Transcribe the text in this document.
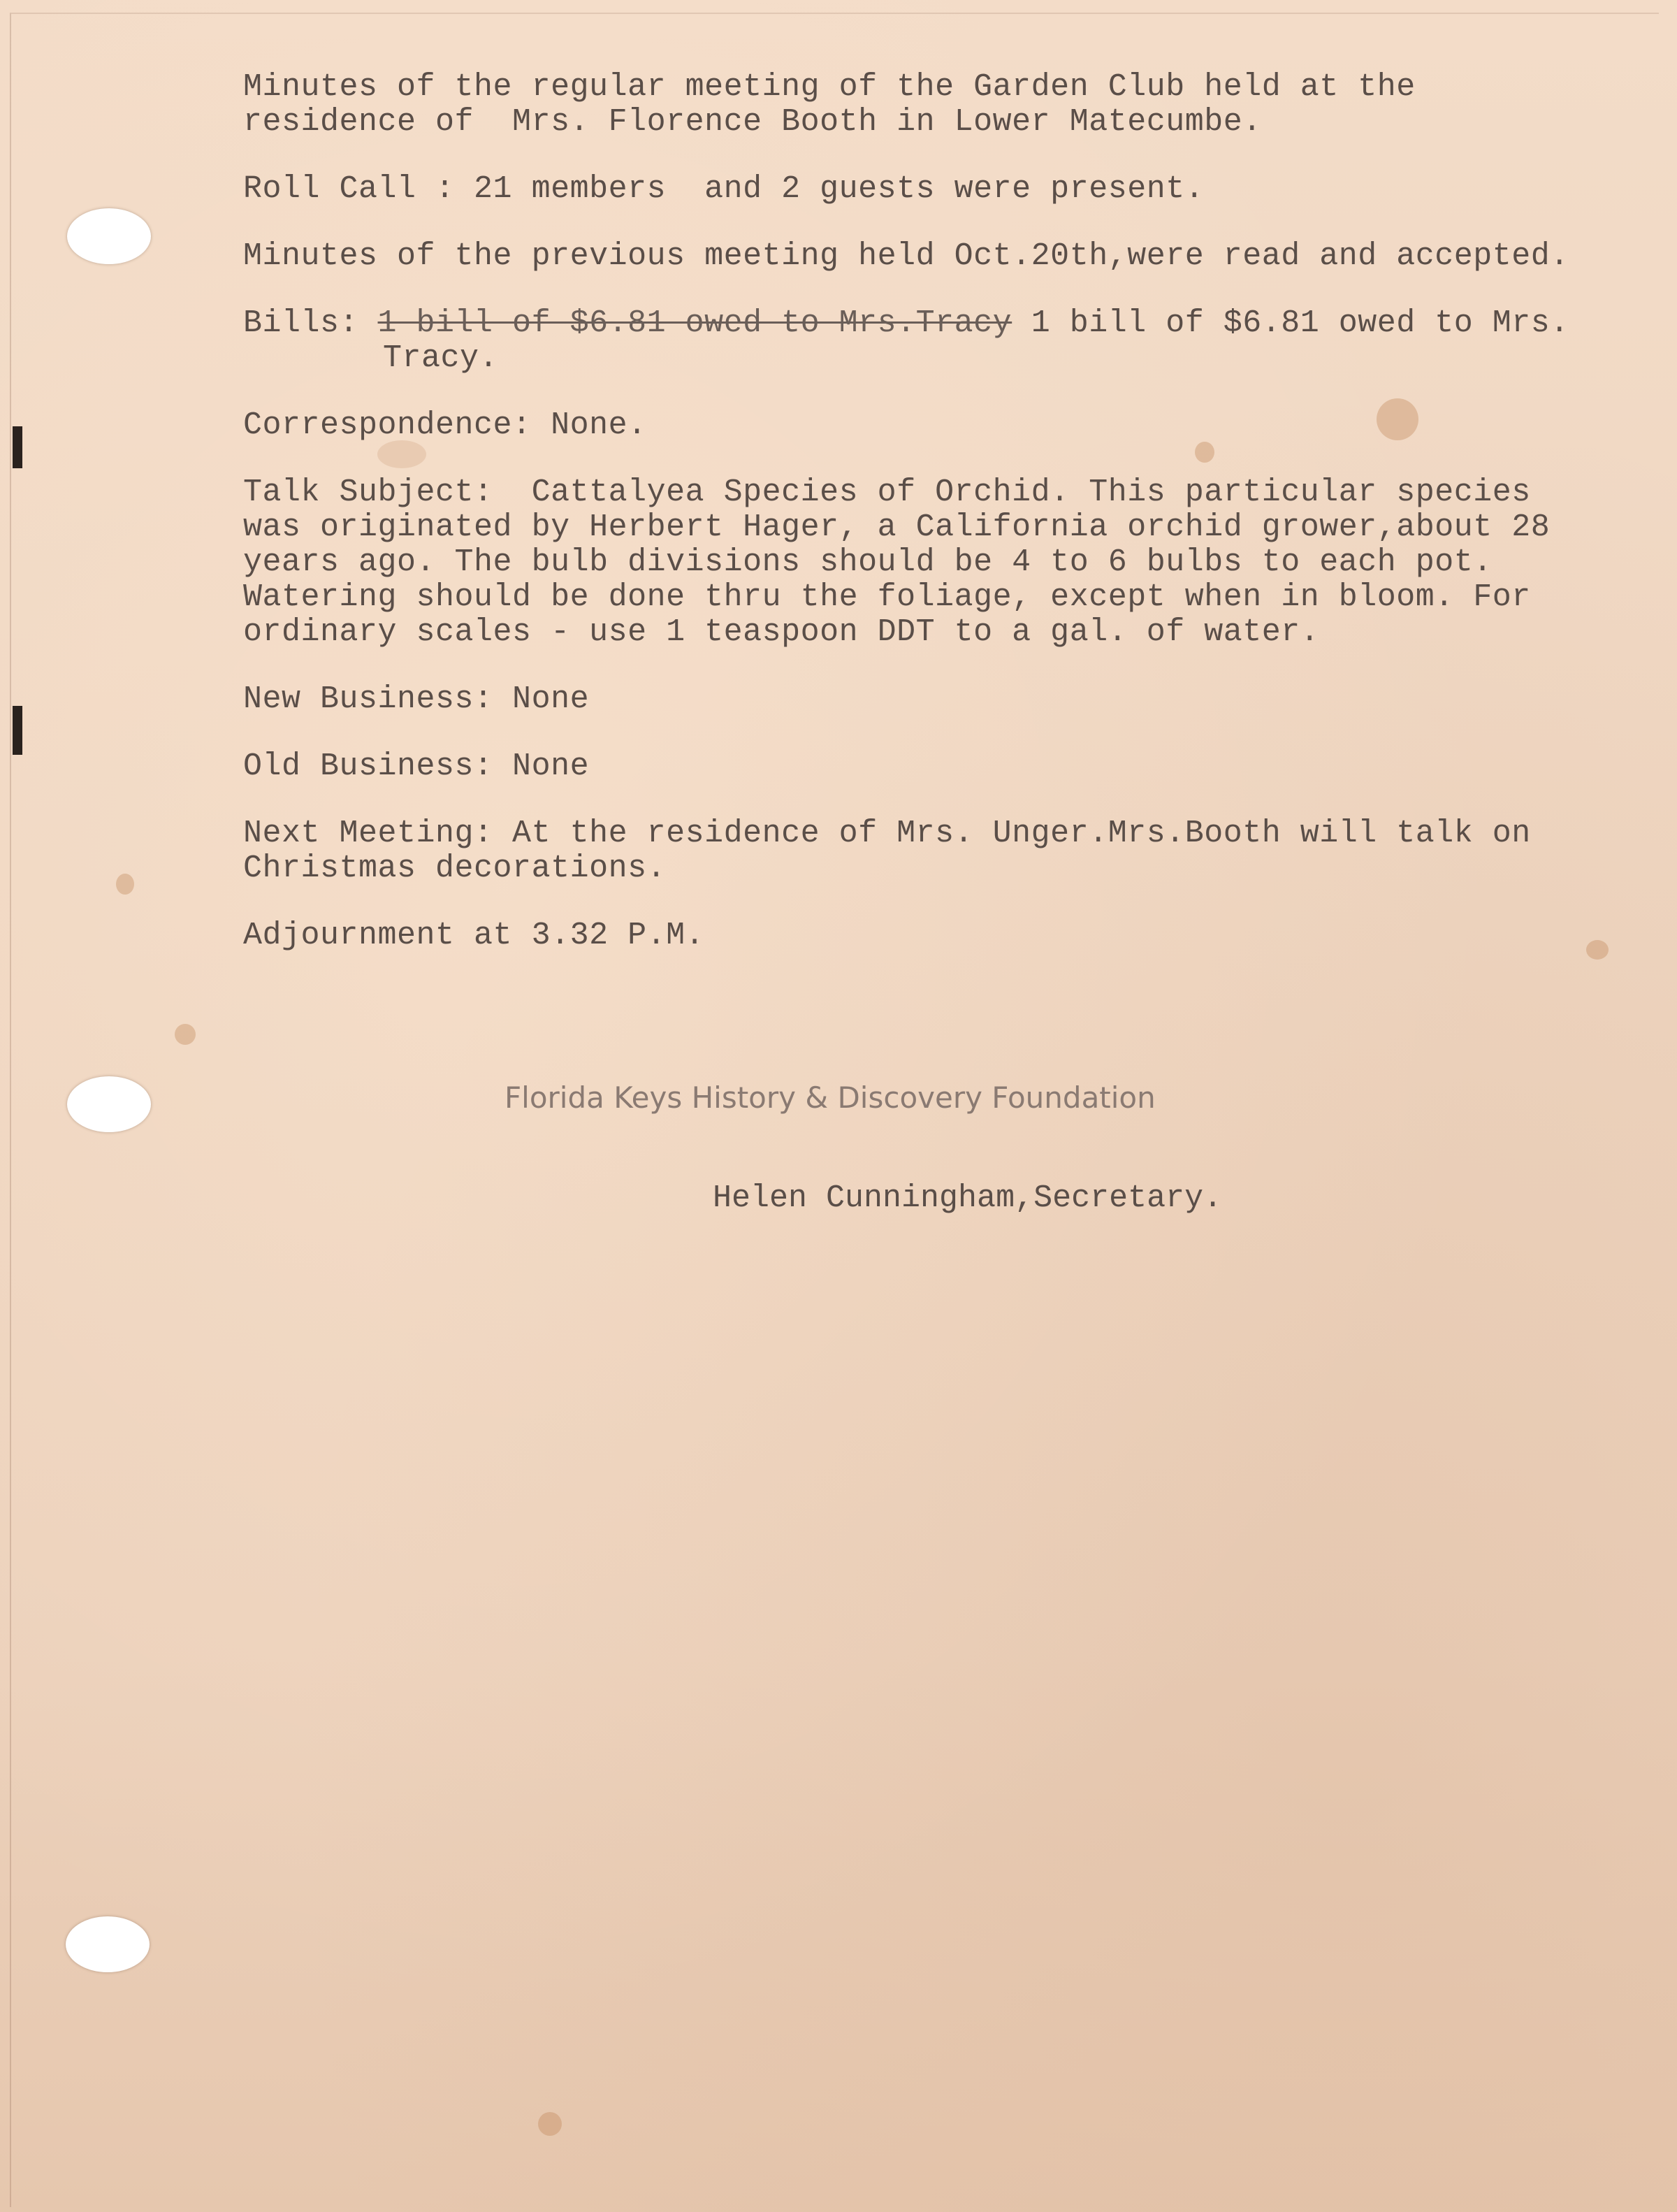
Minutes of the regular meeting of the Garden Club held at the
residence of  Mrs. Florence Booth in Lower Matecumbe.
Roll Call : 21 members  and 2 guests were present.
Minutes of the previous meeting held Oct.20th,were read and accepted.
Bills: 1 bill of $6.81 owed to Mrs.Tracy 1 bill of $6.81 owed to Mrs.
Tracy.
Correspondence: None.
Talk Subject:  Cattalyea Species of Orchid. This particular species
was originated by Herbert Hager, a California orchid grower,about 28
years ago. The bulb divisions should be 4 to 6 bulbs to each pot.
Watering should be done thru the foliage, except when in bloom. For
ordinary scales - use 1 teaspoon DDT to a gal. of water.
New Business: None
Old Business: None
Next Meeting: At the residence of Mrs. Unger.Mrs.Booth will talk on
Christmas decorations.
Adjournment at 3.32 P.M.
Florida Keys History & Discovery Foundation
Helen Cunningham,Secretary.
